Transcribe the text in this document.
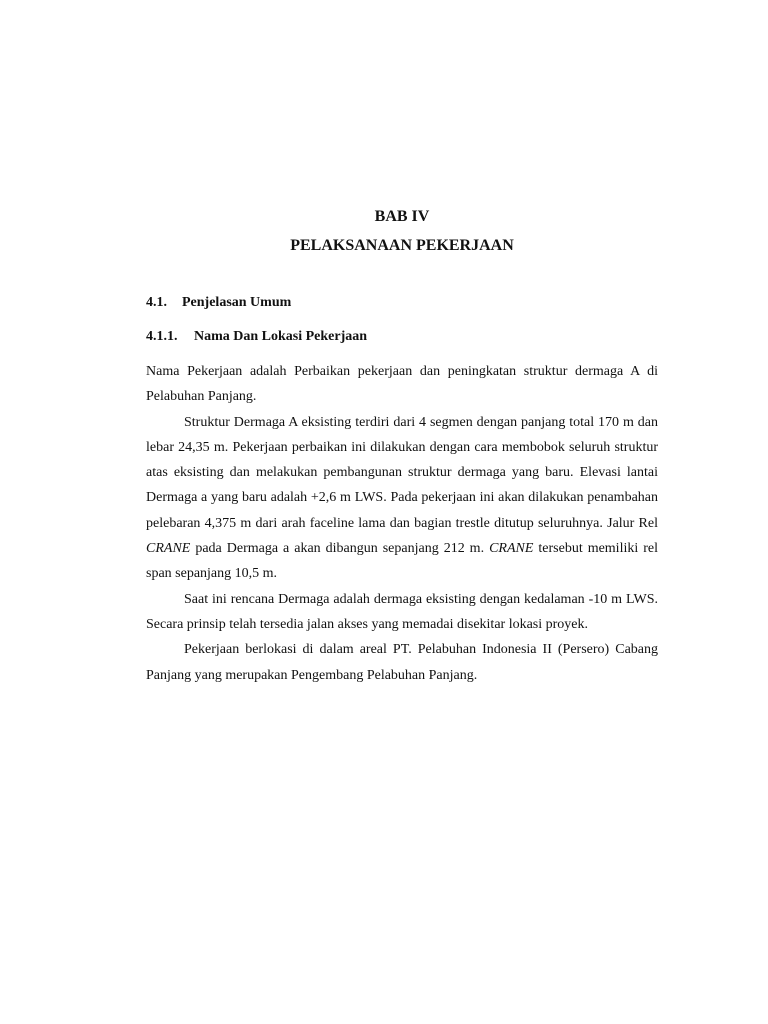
BAB IV
PELAKSANAAN PEKERJAAN
4.1. Penjelasan Umum
4.1.1. Nama Dan Lokasi Pekerjaan

Nama Pekerjaan adalah Perbaikan pekerjaan dan peningkatan struktur dermaga A di Pelabuhan Panjang.

Struktur Dermaga A eksisting terdiri dari 4 segmen dengan panjang total 170 m dan lebar 24,35 m. Pekerjaan perbaikan ini dilakukan dengan cara membobok seluruh struktur atas eksisting dan melakukan pembangunan struktur dermaga yang baru. Elevasi lantai Dermaga a yang baru adalah +2,6 m LWS. Pada pekerjaan ini akan dilakukan penambahan pelebaran 4,375 m dari arah faceline lama dan bagian trestle ditutup seluruhnya. Jalur Rel CRANE pada Dermaga a akan dibangun sepanjang 212 m. CRANE tersebut memiliki rel span sepanjang 10,5 m.

Saat ini rencana Dermaga adalah dermaga eksisting dengan kedalaman -10 m LWS. Secara prinsip telah tersedia jalan akses yang memadai disekitar lokasi proyek.

Pekerjaan berlokasi di dalam areal PT. Pelabuhan Indonesia II (Persero) Cabang Panjang yang merupakan Pengembang Pelabuhan Panjang.
